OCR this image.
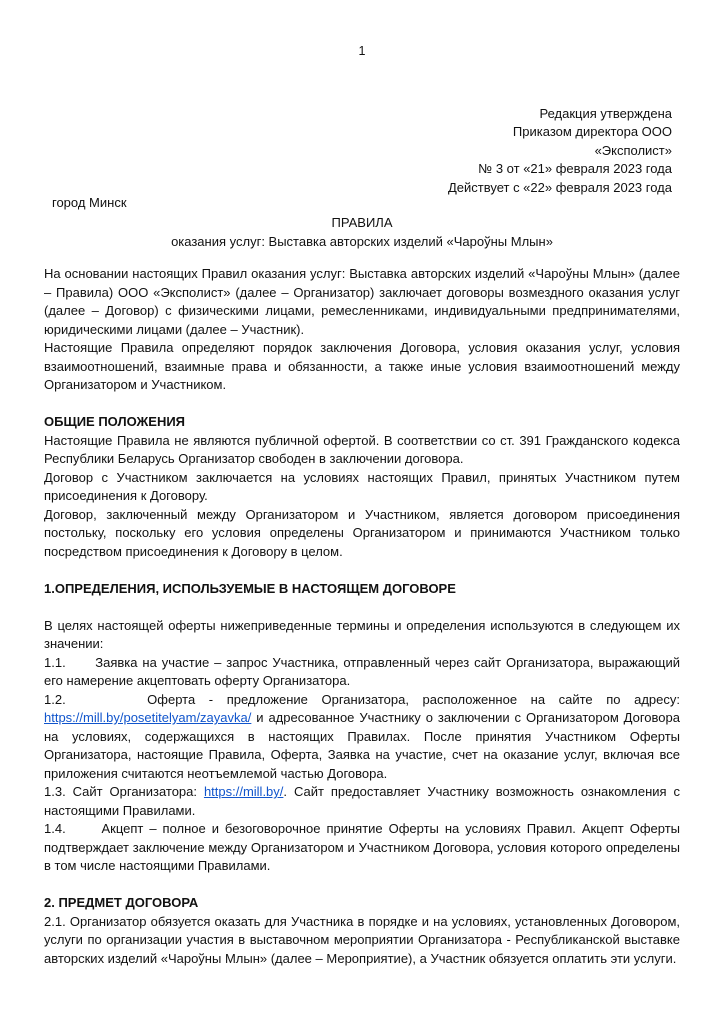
1
Редакция утверждена
Приказом директора ООО
«Эксполист»
№ 3 от «21» февраля 2023 года
Действует с «22» февраля 2023 года
город Минск
ПРАВИЛА
оказания услуг: Выставка авторских изделий «Чароўны Млын»

На основании настоящих Правил оказания услуг: Выставка авторских изделий «Чароўны Млын» (далее – Правила) ООО «Эксполист» (далее – Организатор) заключает договоры возмездного оказания услуг (далее – Договор) с физическими лицами, ремесленниками, индивидуальными предпринимателями, юридическими лицами (далее – Участник).

Настоящие Правила определяют порядок заключения Договора, условия оказания услуг, условия взаимоотношений, взаимные права и обязанности, а также иные условия взаимоотношений между Организатором и Участником.

ОБЩИЕ ПОЛОЖЕНИЯ

Настоящие Правила не являются публичной офертой. В соответствии со ст. 391 Гражданского кодекса Республики Беларусь Организатор свободен в заключении договора.

Договор с Участником заключается на условиях настоящих Правил, принятых Участником путем присоединения к Договору.

Договор, заключенный между Организатором и Участником, является договором присоединения постольку, поскольку его условия определены Организатором и принимаются Участником только посредством присоединения к Договору в целом.

1.ОПРЕДЕЛЕНИЯ, ИСПОЛЬЗУЕМЫЕ В НАСТОЯЩЕМ ДОГОВОРЕ

В целях настоящей оферты нижеприведенные термины и определения используются в следующем их значении:

1.1.      Заявка на участие – запрос Участника, отправленный через сайт Организатора, выражающий его намерение акцептовать оферту Организатора.

1.2.      Оферта - предложение Организатора, расположенное на сайте по адресу: https://mill.by/posetitelyam/zayavka/ и адресованное Участнику о заключении с Организатором Договора на условиях, содержащихся в настоящих Правилах. После принятия Участником Оферты Организатора, настоящие Правила, Оферта, Заявка на участие, счет на оказание услуг, включая все приложения считаются неотъемлемой частью Договора.

1.3. Сайт Организатора: https://mill.by/. Сайт предоставляет Участнику возможность ознакомления с настоящими Правилами.

1.4.      Акцепт – полное и безоговорочное принятие Оферты на условиях Правил. Акцепт Оферты подтверждает заключение между Организатором и Участником Договора, условия которого определены в том числе настоящими Правилами.

2. ПРЕДМЕТ ДОГОВОРА

2.1. Организатор обязуется оказать для Участника в порядке и на условиях, установленных Договором, услуги по организации участия в выставочном мероприятии Организатора - Республиканской выставке авторских изделий «Чароўны Млын» (далее – Мероприятие), а Участник обязуется оплатить эти услуги.
